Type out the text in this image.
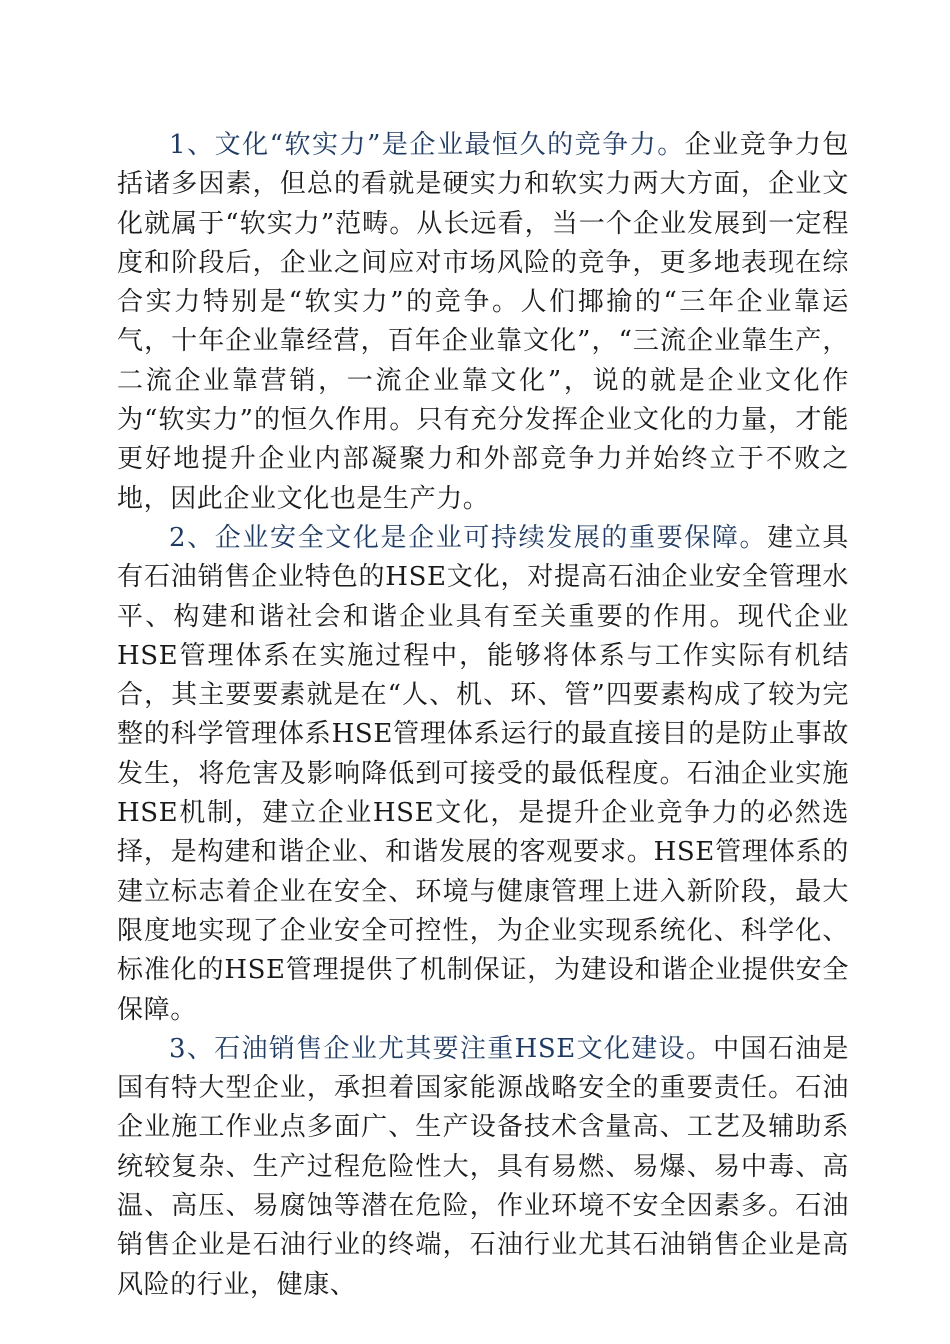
1、文化“软实力”是企业最恒久的竞争力。企业竞争力包括诸多因素，但总的看就是硬实力和软实力两大方面，企业文化就属于“软实力”范畴。从长远看，当一个企业发展到一定程度和阶段后，企业之间应对市场风险的竞争，更多地表现在综合实力特别是“软实力”的竞争。人们揶揄的“三年企业靠运气，十年企业靠经营，百年企业靠文化”，“三流企业靠生产，二流企业靠营销，一流企业靠文化”，说的就是企业文化作为“软实力”的恒久作用。只有充分发挥企业文化的力量，才能更好地提升企业内部凝聚力和外部竞争力并始终立于不败之地，因此企业文化也是生产力。

2、企业安全文化是企业可持续发展的重要保障。建立具有石油销售企业特色的HSE文化，对提高石油企业安全管理水平、构建和谐社会和谐企业具有至关重要的作用。现代企业HSE管理体系在实施过程中，能够将体系与工作实际有机结合，其主要要素就是在“人、机、环、管”四要素构成了较为完整的科学管理体系HSE管理体系运行的最直接目的是防止事故发生，将危害及影响降低到可接受的最低程度。石油企业实施HSE机制，建立企业HSE文化，是提升企业竞争力的必然选择，是构建和谐企业、和谐发展的客观要求。HSE管理体系的建立标志着企业在安全、环境与健康管理上进入新阶段，最大限度地实现了企业安全可控性，为企业实现系统化、科学化、标准化的HSE管理提供了机制保证，为建设和谐企业提供安全保障。

3、石油销售企业尤其要注重HSE文化建设。中国石油是国有特大型企业，承担着国家能源战略安全的重要责任。石油企业施工作业点多面广、生产设备技术含量高、工艺及辅助系统较复杂、生产过程危险性大，具有易燃、易爆、易中毒、高温、高压、易腐蚀等潜在危险，作业环境不安全因素多。石油销售企业是石油行业的终端，石油行业尤其石油销售企业是高风险的行业，健康、
